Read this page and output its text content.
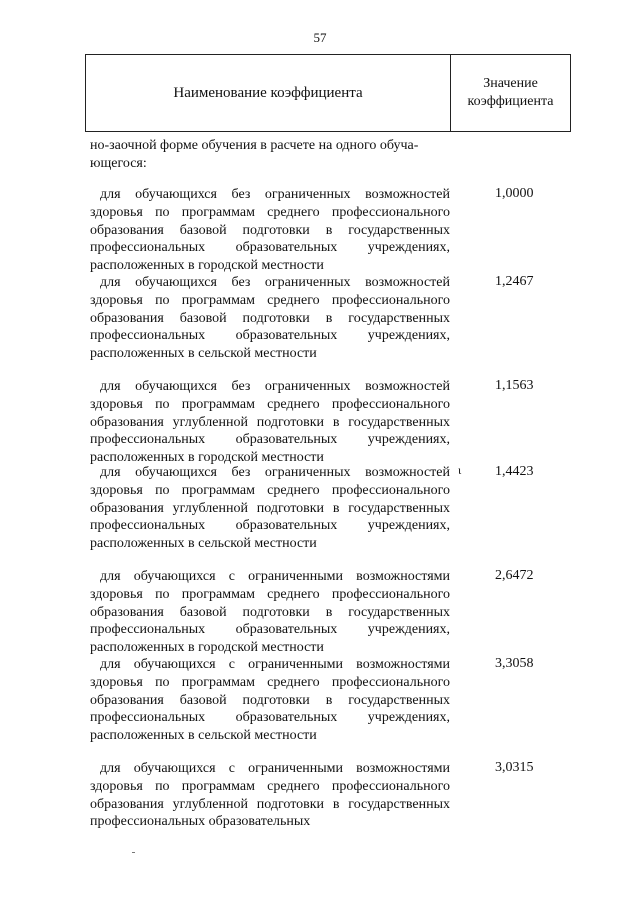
57
Наименование коэффициента
Значение коэффициента
но-заочной форме обучения в расчете на одного обуча- ющегося:

для обучающихся без ограниченных возможностей здоровья по программам среднего профессионального образования базовой подготовки в государственных профессиональных образовательных учреждениях, расположенных в городской местности

1,0000

для обучающихся без ограниченных возможностей здоровья по программам среднего профессионального образования базовой подготовки в государственных профессиональных образовательных учреждениях, расположенных в сельской местности

1,2467

для обучающихся без ограниченных возможностей здоровья по программам среднего профессионального образования углубленной подготовки в государственных профессиональных образовательных учреждениях, расположенных в городской местности

1,1563

для обучающихся без ограниченных возможностей здоровья по программам среднего профессионального образования углубленной подготовки в государственных профессиональных образовательных учреждениях, расположенных в сельской местности

1,4423

для обучающихся с ограниченными возможностями здоровья по программам среднего профессионального образования базовой подготовки в государственных профессиональных образовательных учреждениях, расположенных в городской местности

2,6472

для обучающихся с ограниченными возможностями здоровья по программам среднего профессионального образования базовой подготовки в государственных профессиональных образовательных учреждениях, расположенных в сельской местности

3,3058

для обучающихся с ограниченными возможностями здоровья по программам среднего профессионального образования углубленной подготовки в государственных профессиональных образовательных

3,0315
ι
